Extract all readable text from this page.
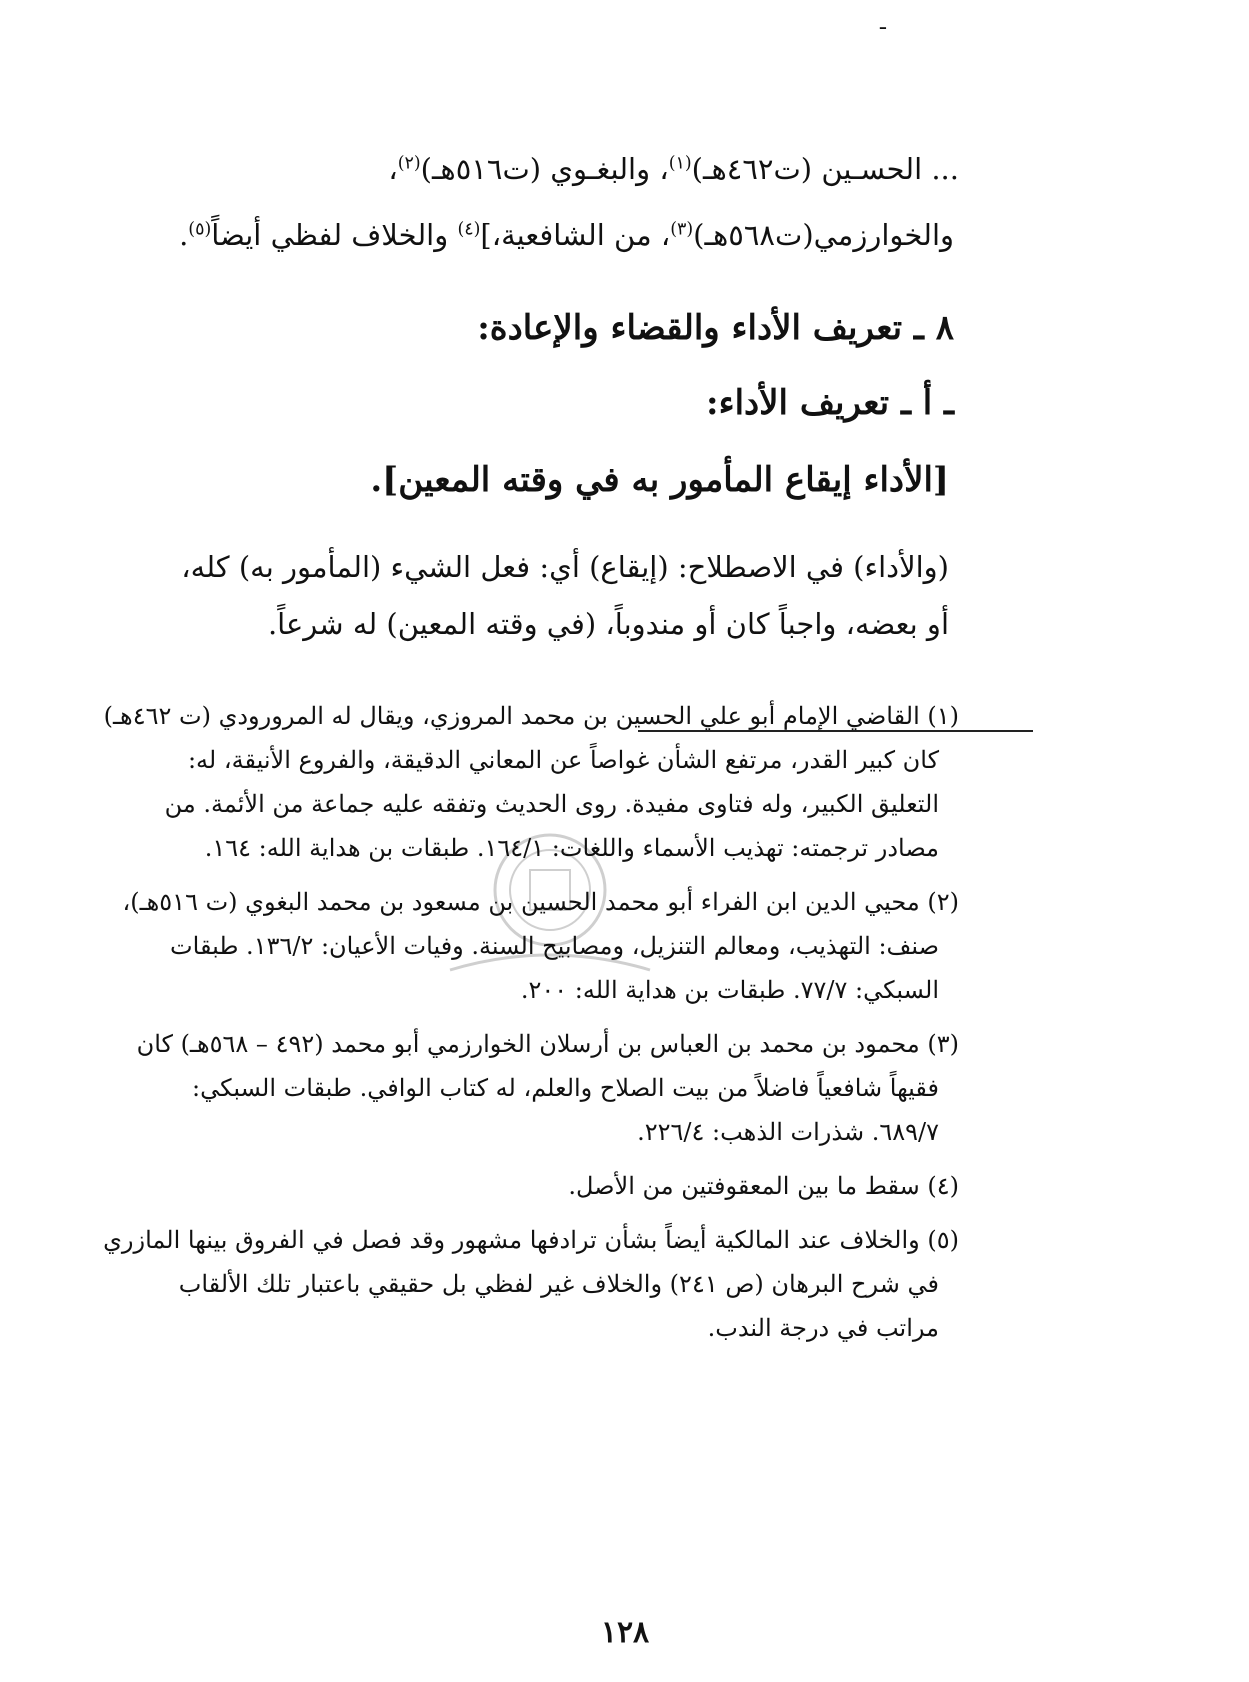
ـ
... الحسـين (ت٤٦٢هـ)$^{(١)}$، والبغـوي (ت٥١٦هـ)$^{(٢)}$،
والخوارزمي(ت٥٦٨هـ)$^{(٣)}$، من الشافعية،]$^{(٤)}$ والخلاف لفظي أيضاً$^{(٥)}$.
٨ ـ تعريف الأداء والقضاء والإعادة:
ـ أ ـ تعريف الأداء:
[الأداء إيقاع المأمور به في وقته المعين].
(والأداء) في الاصطلاح: (إيقاع) أي: فعل الشيء (المأمور به) كله،
أو بعضه، واجباً كان أو مندوباً، (في وقته المعين) له شرعاً.
(١) القاضي الإمام أبو علي الحسين بن محمد المروزي، ويقال له المرورودي (ت ٤٦٢هـ)
كان كبير القدر، مرتفع الشأن غواصاً عن المعاني الدقيقة، والفروع الأنيقة، له:
التعليق الكبير، وله فتاوى مفيدة. روى الحديث وتفقه عليه جماعة من الأئمة. من
مصادر ترجمته: تهذيب الأسماء واللغات: ١٦٤/١. طبقات بن هداية الله: ١٦٤.
(٢) محيي الدين ابن الفراء أبو محمد الحسين بن مسعود بن محمد البغوي (ت ٥١٦هـ)،
صنف: التهذيب، ومعالم التنزيل، ومصابيح السنة. وفيات الأعيان: ١٣٦/٢. طبقات
السبكي: ٧٧/٧. طبقات بن هداية الله: ٢٠٠.
(٣) محمود بن محمد بن العباس بن أرسلان الخوارزمي أبو محمد (٤٩٢ – ٥٦٨هـ) كان
فقيهاً شافعياً فاضلاً من بيت الصلاح والعلم، له كتاب الوافي. طبقات السبكي:
٦٨٩/٧. شذرات الذهب: ٢٢٦/٤.
(٤) سقط ما بين المعقوفتين من الأصل.
(٥) والخلاف عند المالكية أيضاً بشأن ترادفها مشهور وقد فصل في الفروق بينها المازري
في شرح البرهان (ص ٢٤١) والخلاف غير لفظي بل حقيقي باعتبار تلك الألقاب
مراتب في درجة الندب.
١٢٨
